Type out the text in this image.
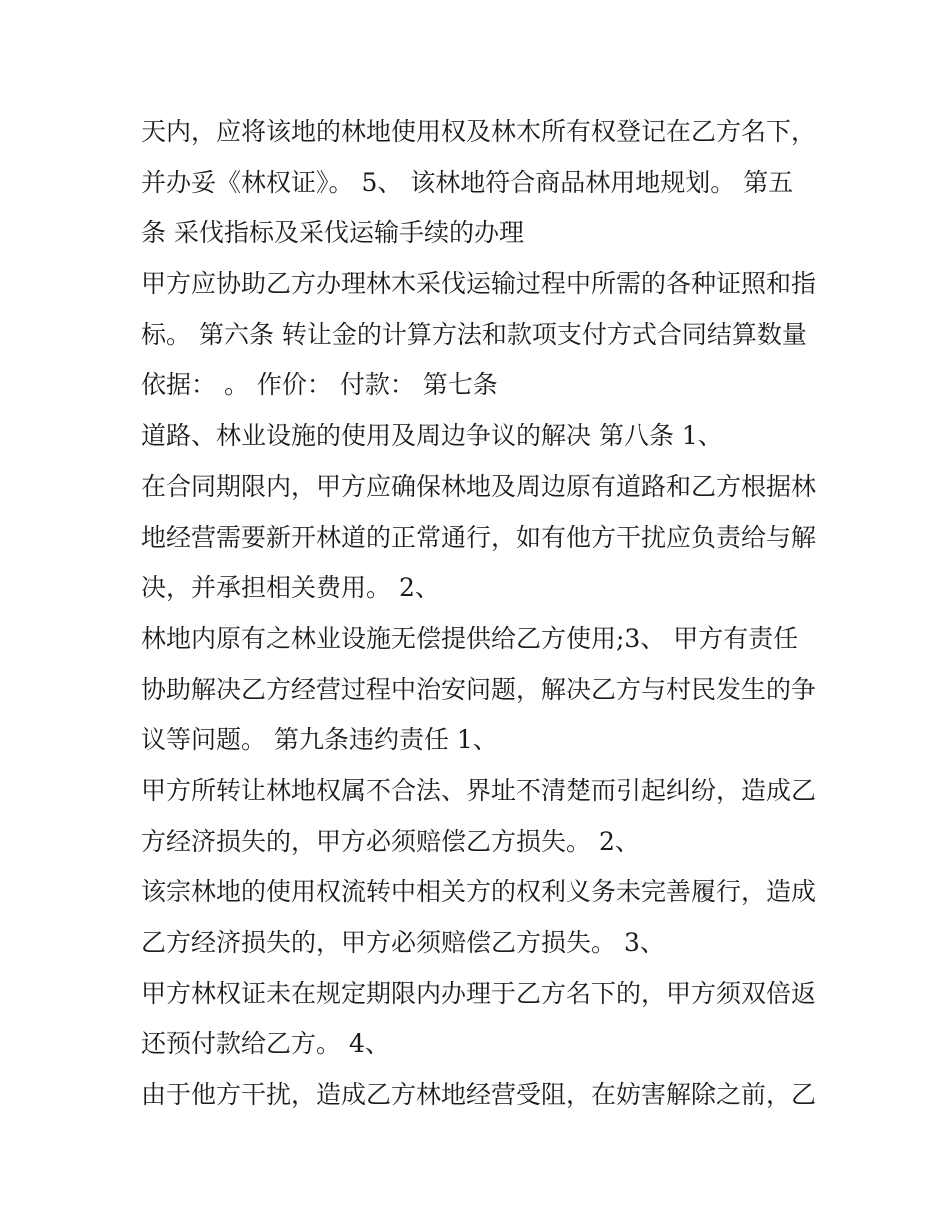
天内，应将该地的林地使用权及林木所有权登记在乙方名下，
并办妥《林权证》。 5、 该林地符合商品林用地规划。 第五
条 采伐指标及采伐运输手续的办理
甲方应协助乙方办理林木采伐运输过程中所需的各种证照和指
标。 第六条 转让金的计算方法和款项支付方式合同结算数量
依据： 。 作价： 付款： 第七条
道路、林业设施的使用及周边争议的解决 第八条 1、
在合同期限内，甲方应确保林地及周边原有道路和乙方根据林
地经营需要新开林道的正常通行，如有他方干扰应负责给与解
决，并承担相关费用。 2、
林地内原有之林业设施无偿提供给乙方使用;3、 甲方有责任
协助解决乙方经营过程中治安问题，解决乙方与村民发生的争
议等问题。 第九条违约责任 1、
甲方所转让林地权属不合法、界址不清楚而引起纠纷，造成乙
方经济损失的，甲方必须赔偿乙方损失。 2、
该宗林地的使用权流转中相关方的权利义务未完善履行，造成
乙方经济损失的，甲方必须赔偿乙方损失。 3、
甲方林权证未在规定期限内办理于乙方名下的，甲方须双倍返
还预付款给乙方。 4、
由于他方干扰，造成乙方林地经营受阻，在妨害解除之前，乙
